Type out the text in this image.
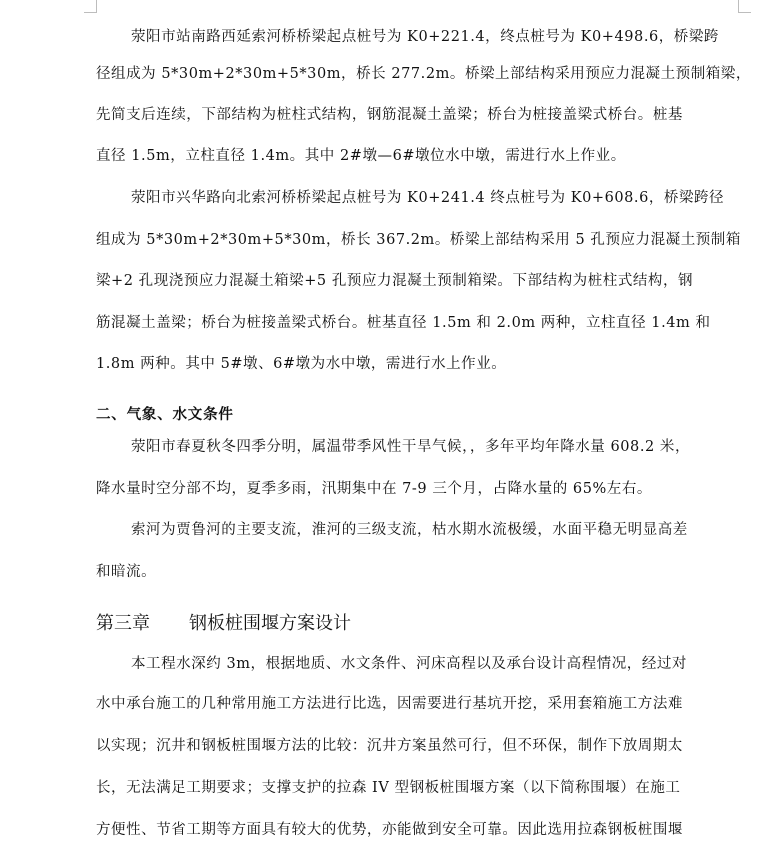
荥阳市站南路西延索河桥桥梁起点桩号为 K0+221.4，终点桩号为 K0+498.6，桥梁跨
径组成为 5*30m+2*30m+5*30m，桥长 277.2m。桥梁上部结构采用预应力混凝土预制箱梁，
先简支后连续，下部结构为桩柱式结构，钢筋混凝土盖梁；桥台为桩接盖梁式桥台。桩基
直径 1.5m，立柱直径 1.4m。其中 2#墩—6#墩位水中墩，需进行水上作业。
荥阳市兴华路向北索河桥桥梁起点桩号为 K0+241.4 终点桩号为 K0+608.6，桥梁跨径
组成为 5*30m+2*30m+5*30m，桥长 367.2m。桥梁上部结构采用 5 孔预应力混凝土预制箱
梁+2 孔现浇预应力混凝土箱梁+5 孔预应力混凝土预制箱梁。下部结构为桩柱式结构，钢
筋混凝土盖梁；桥台为桩接盖梁式桥台。桩基直径 1.5m 和 2.0m 两种，立柱直径 1.4m 和
1.8m 两种。其中 5#墩、6#墩为水中墩，需进行水上作业。
二、气象、水文条件
荥阳市春夏秋冬四季分明，属温带季风性干旱气候，，多年平均年降水量 608.2 米，
降水量时空分部不均，夏季多雨，汛期集中在 7-9 三个月，占降水量的 65%左右。
索河为贾鲁河的主要支流，淮河的三级支流，枯水期水流极缓，水面平稳无明显高差
和暗流。
第三章 钢板桩围堰方案设计
本工程水深约 3m，根据地质、水文条件、河床高程以及承台设计高程情况，经过对
水中承台施工的几种常用施工方法进行比选，因需要进行基坑开挖，采用套箱施工方法难
以实现；沉井和钢板桩围堰方法的比较：沉井方案虽然可行，但不环保，制作下放周期太
长，无法满足工期要求；支撑支护的拉森 IV 型钢板桩围堰方案（以下简称围堰）在施工
方便性、节省工期等方面具有较大的优势，亦能做到安全可靠。因此选用拉森钢板桩围堰
